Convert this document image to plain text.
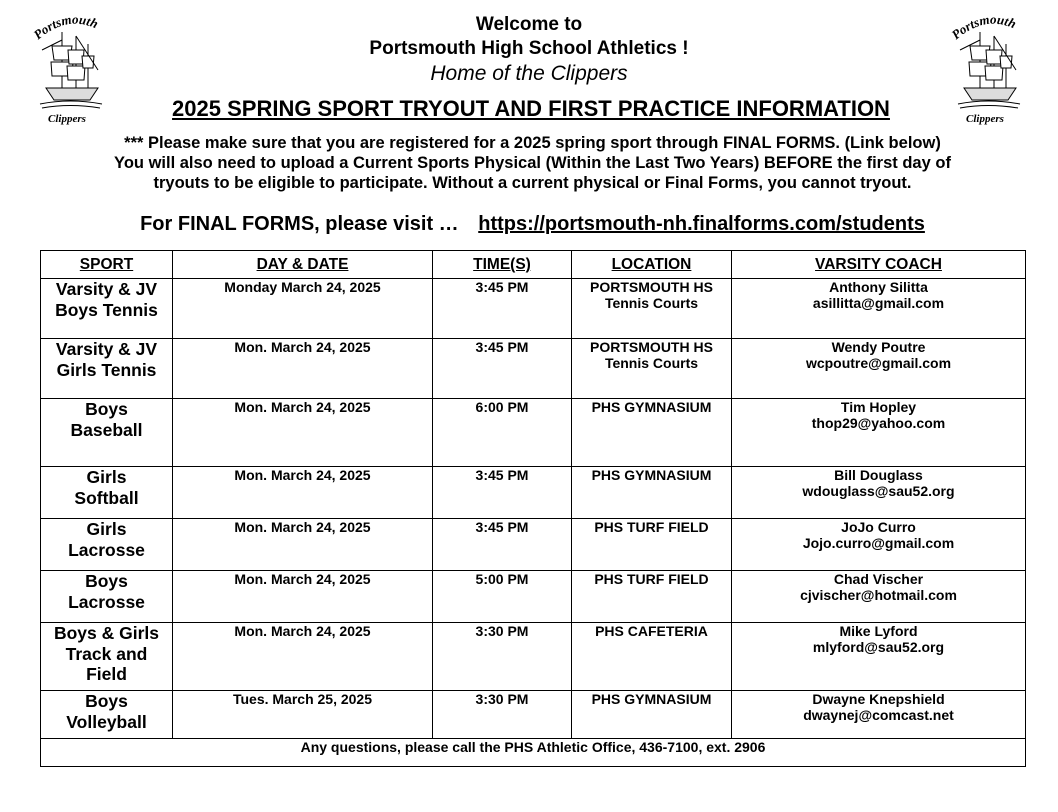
Portsmouth
Clippers
Portsmouth
Clippers
Welcome to
Portsmouth High School Athletics !
Home of the Clippers
2025 SPRING SPORT TRYOUT AND FIRST PRACTICE INFORMATION
*** Please make sure that you are registered for a 2025 spring sport through FINAL FORMS. (Link below)
You will also need to upload a Current Sports Physical (Within the Last Two Years) BEFORE the first day of
tryouts to be eligible to participate. Without a current physical or Final Forms, you cannot tryout.
For FINAL FORMS, please visit … https://portsmouth-nh.finalforms.com/students
SPORT	DAY & DATE	TIME(S)	LOCATION	VARSITY COACH

Varsity & JV
Boys Tennis	Monday March 24, 2025	3:45 PM	PORTSMOUTH HS
Tennis Courts	Anthony Silitta
asillitta@gmail.com

Varsity & JV
Girls Tennis	Mon. March 24, 2025	3:45 PM	PORTSMOUTH HS
Tennis Courts	Wendy Poutre
wcpoutre@gmail.com

Boys
Baseball	Mon. March 24, 2025	6:00 PM	PHS GYMNASIUM	Tim Hopley
thop29@yahoo.com

Girls
Softball	Mon. March 24, 2025	3:45 PM	PHS GYMNASIUM	Bill Douglass
wdouglass@sau52.org

Girls
Lacrosse	Mon. March 24, 2025	3:45 PM	PHS TURF FIELD	JoJo Curro
Jojo.curro@gmail.com

Boys
Lacrosse	Mon. March 24, 2025	5:00 PM	PHS TURF FIELD	Chad Vischer
cjvischer@hotmail.com

Boys & Girls
Track and
Field	Mon. March 24, 2025	3:30 PM	PHS CAFETERIA	Mike Lyford
mlyford@sau52.org

Boys
Volleyball	Tues. March 25, 2025	3:30 PM	PHS GYMNASIUM	Dwayne Knepshield
dwaynej@comcast.net

Any questions, please call the PHS Athletic Office, 436-7100, ext. 2906				
